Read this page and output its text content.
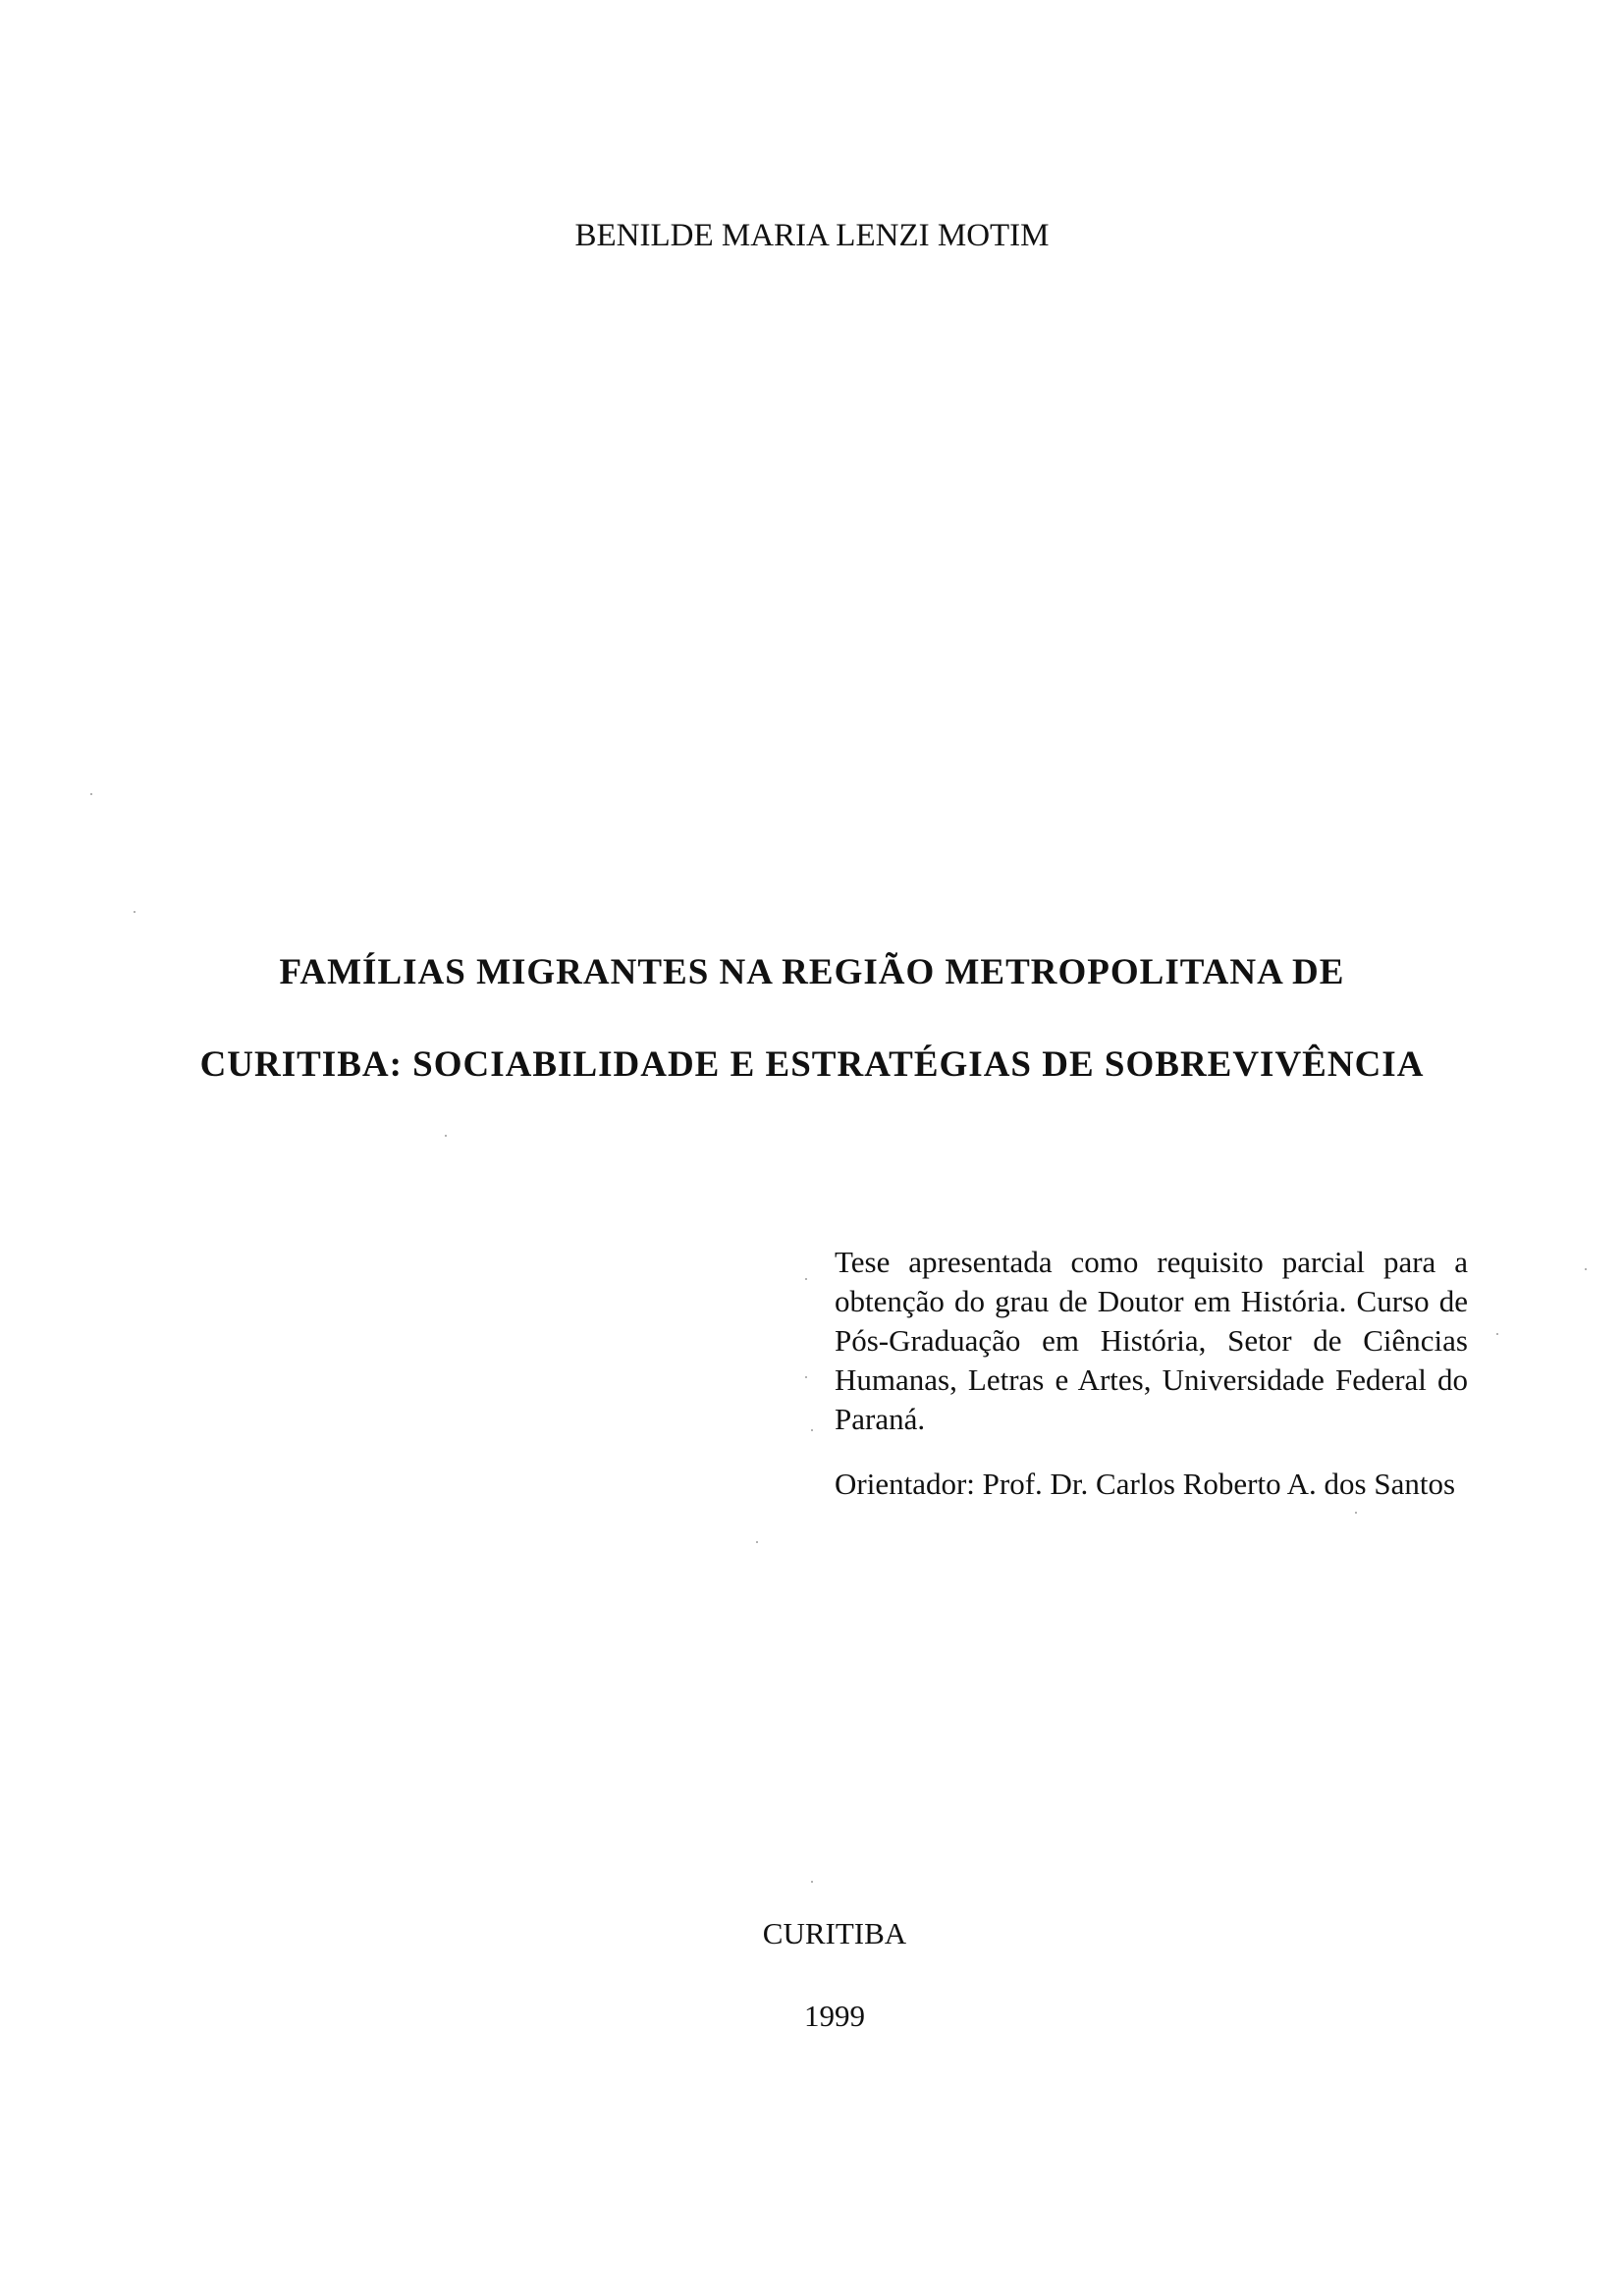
BENILDE MARIA LENZI MOTIM
FAMÍLIAS MIGRANTES NA REGIÃO METROPOLITANA DE
CURITIBA: SOCIABILIDADE E ESTRATÉGIAS DE SOBREVIVÊNCIA

Tese apresentada como requisito parcial para a obtenção do grau de Doutor em História. Curso de Pós-Graduação em História, Setor de Ciências Humanas, Letras e Artes, Universidade Federal do Paraná.

Orientador: Prof. Dr. Carlos Roberto A. dos Santos

CURITIBA
1999
